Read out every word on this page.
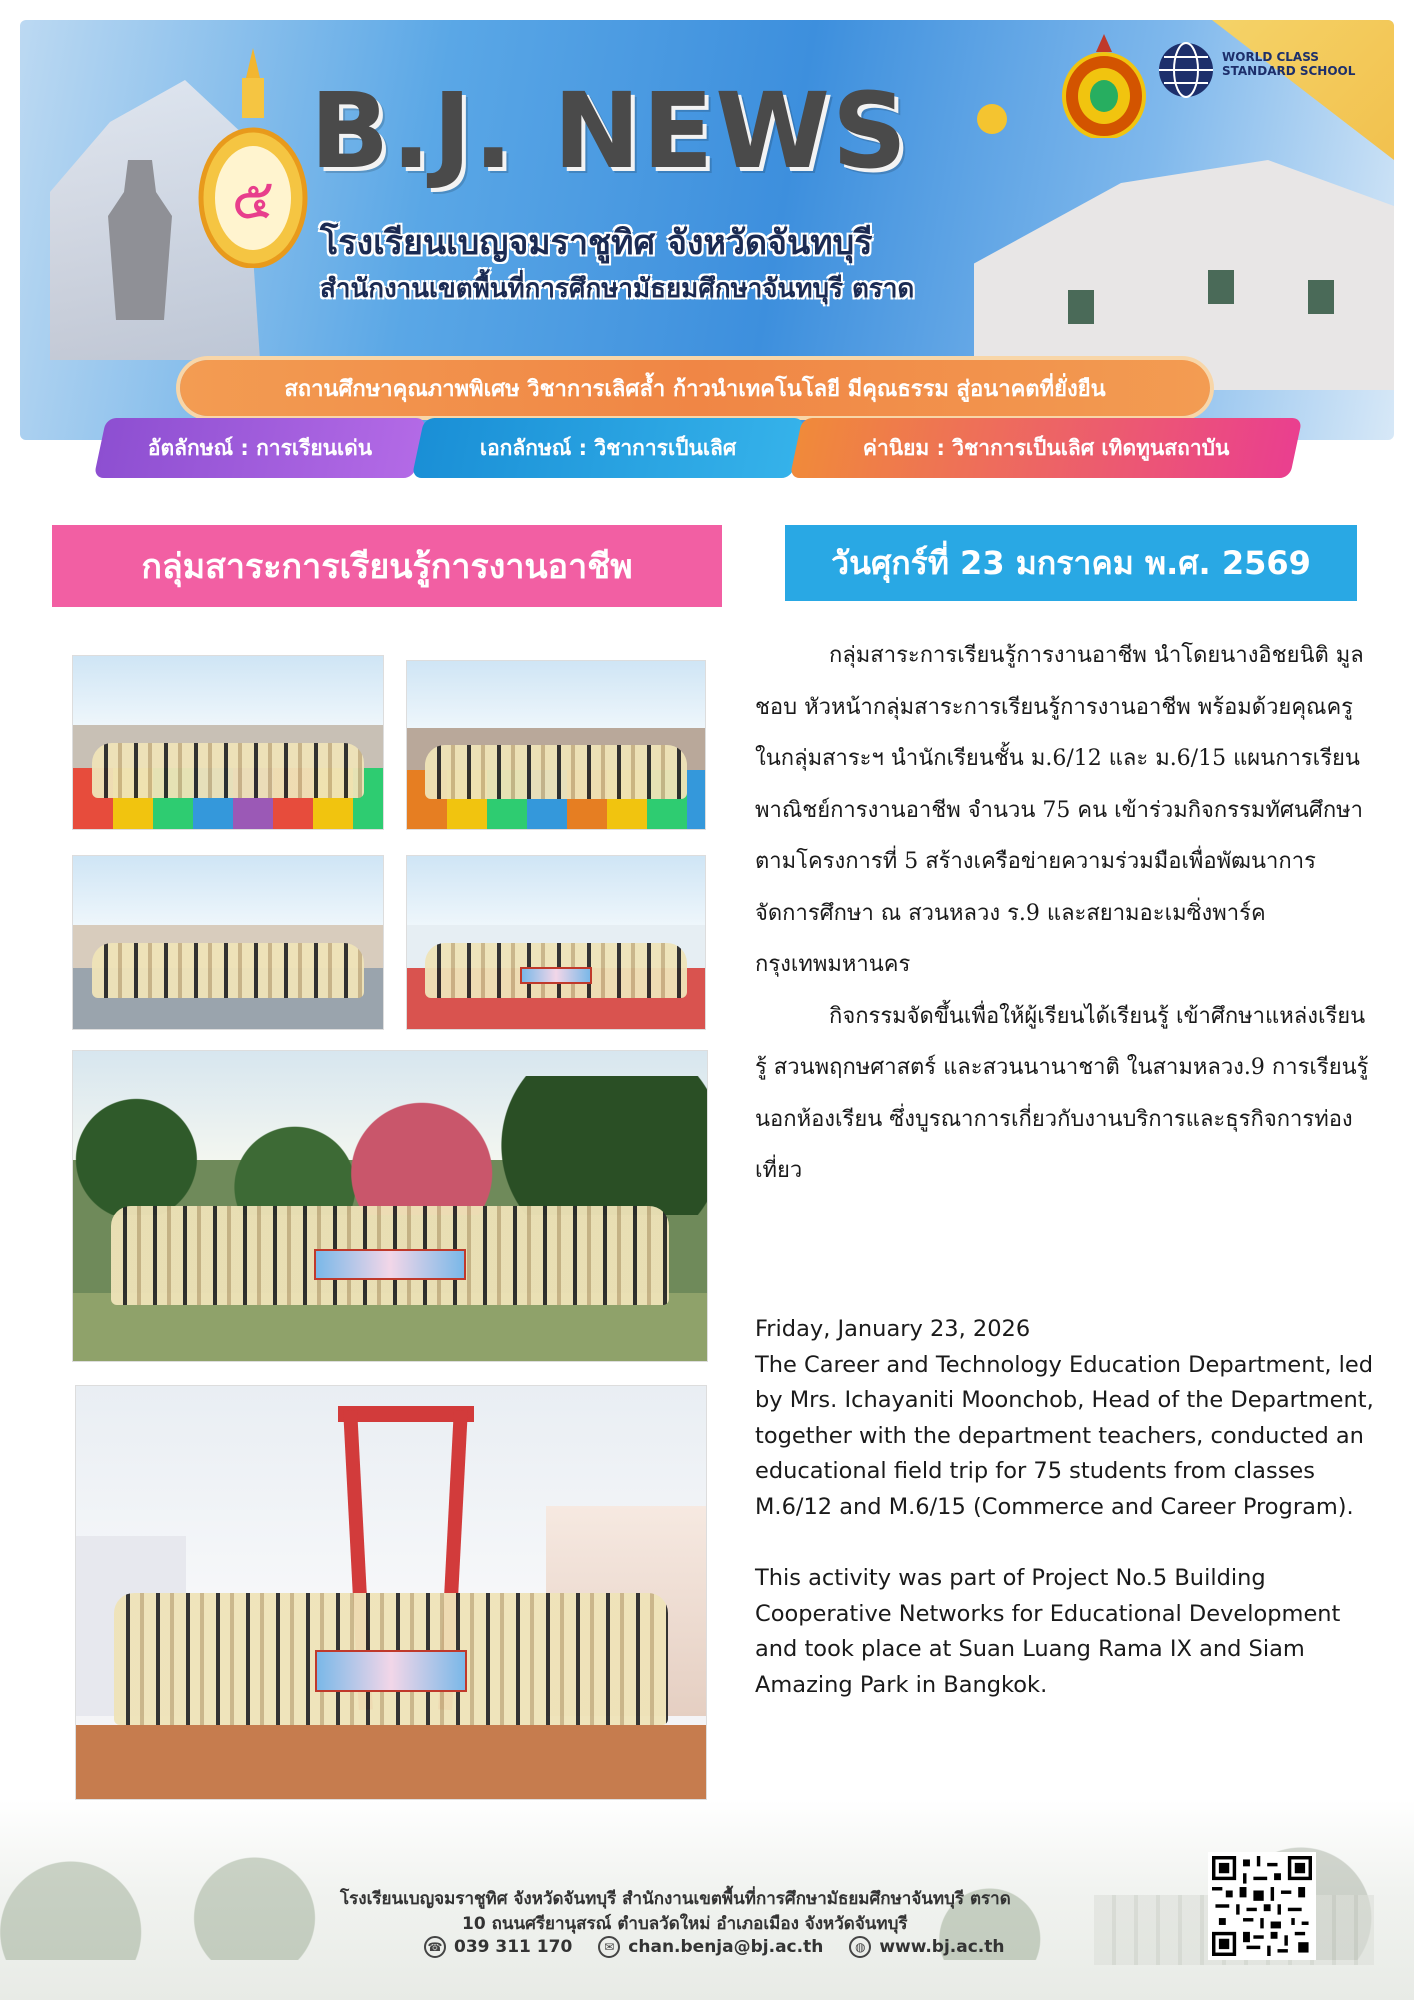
๕
B.J. NEWS
โรงเรียนเบญจมราชูทิศ จังหวัดจันทบุรี
สำนักงานเขตพื้นที่การศึกษามัธยมศึกษาจันทบุรี ตราด
WORLD CLASS
STANDARD SCHOOL
สถานศึกษาคุณภาพพิเศษ วิชาการเลิศล้ำ ก้าวนำเทคโนโลยี มีคุณธรรม สู่อนาคตที่ยั่งยืน
อัตลักษณ์ : การเรียนเด่น	เอกลักษณ์ : วิชาการเป็นเลิศ	ค่านิยม : วิชาการเป็นเลิศ เทิดทูนสถาบัน
กลุ่มสาระการเรียนรู้การงานอาชีพ	วันศุกร์ที่ 23 มกราคม พ.ศ. 2569

กลุ่มสาระการเรียนรู้การงานอาชีพ นำโดยนางอิชยนิติ มูลชอบ หัวหน้ากลุ่มสาระการเรียนรู้การงานอาชีพ พร้อมด้วยคุณครูในกลุ่มสาระฯ นำนักเรียนชั้น ม.6/12 และ ม.6/15 แผนการเรียนพาณิชย์การงานอาชีพ จำนวน 75 คน เข้าร่วมกิจกรรมทัศนศึกษา ตามโครงการที่ 5 สร้างเครือข่ายความร่วมมือเพื่อพัฒนาการจัดการศึกษา ณ สวนหลวง ร.9 และสยามอะเมซิ่งพาร์ค กรุงเทพมหานคร

กิจกรรมจัดขึ้นเพื่อให้ผู้เรียนได้เรียนรู้ เข้าศึกษาแหล่งเรียนรู้ สวนพฤกษศาสตร์ และสวนนานาชาติ ในสามหลวง.9 การเรียนรู้นอกห้องเรียน ซึ่งบูรณาการเกี่ยวกับงานบริการและธุรกิจการท่องเที่ยว

Friday, January 23, 2026

The Career and Technology Education Department, led by Mrs. Ichayaniti Moonchob, Head of the Department, together with the department teachers, conducted an educational field trip for 75 students from classes M.6/12 and M.6/15 (Commerce and Career Program).

This activity was part of Project No.5 Building Cooperative Networks for Educational Development and took place at Suan Luang Rama IX and Siam Amazing Park in Bangkok.

โรงเรียนเบญจมราชูทิศ จังหวัดจันทบุรี สำนักงานเขตพื้นที่การศึกษามัธยมศึกษาจันทบุรี ตราด
10 ถนนศรียานุสรณ์ ตำบลวัดใหม่ อำเภอเมือง จังหวัดจันทบุรี
☎ 039 311 170	✉ chan.benja@bj.ac.th	◍ www.bj.ac.th
